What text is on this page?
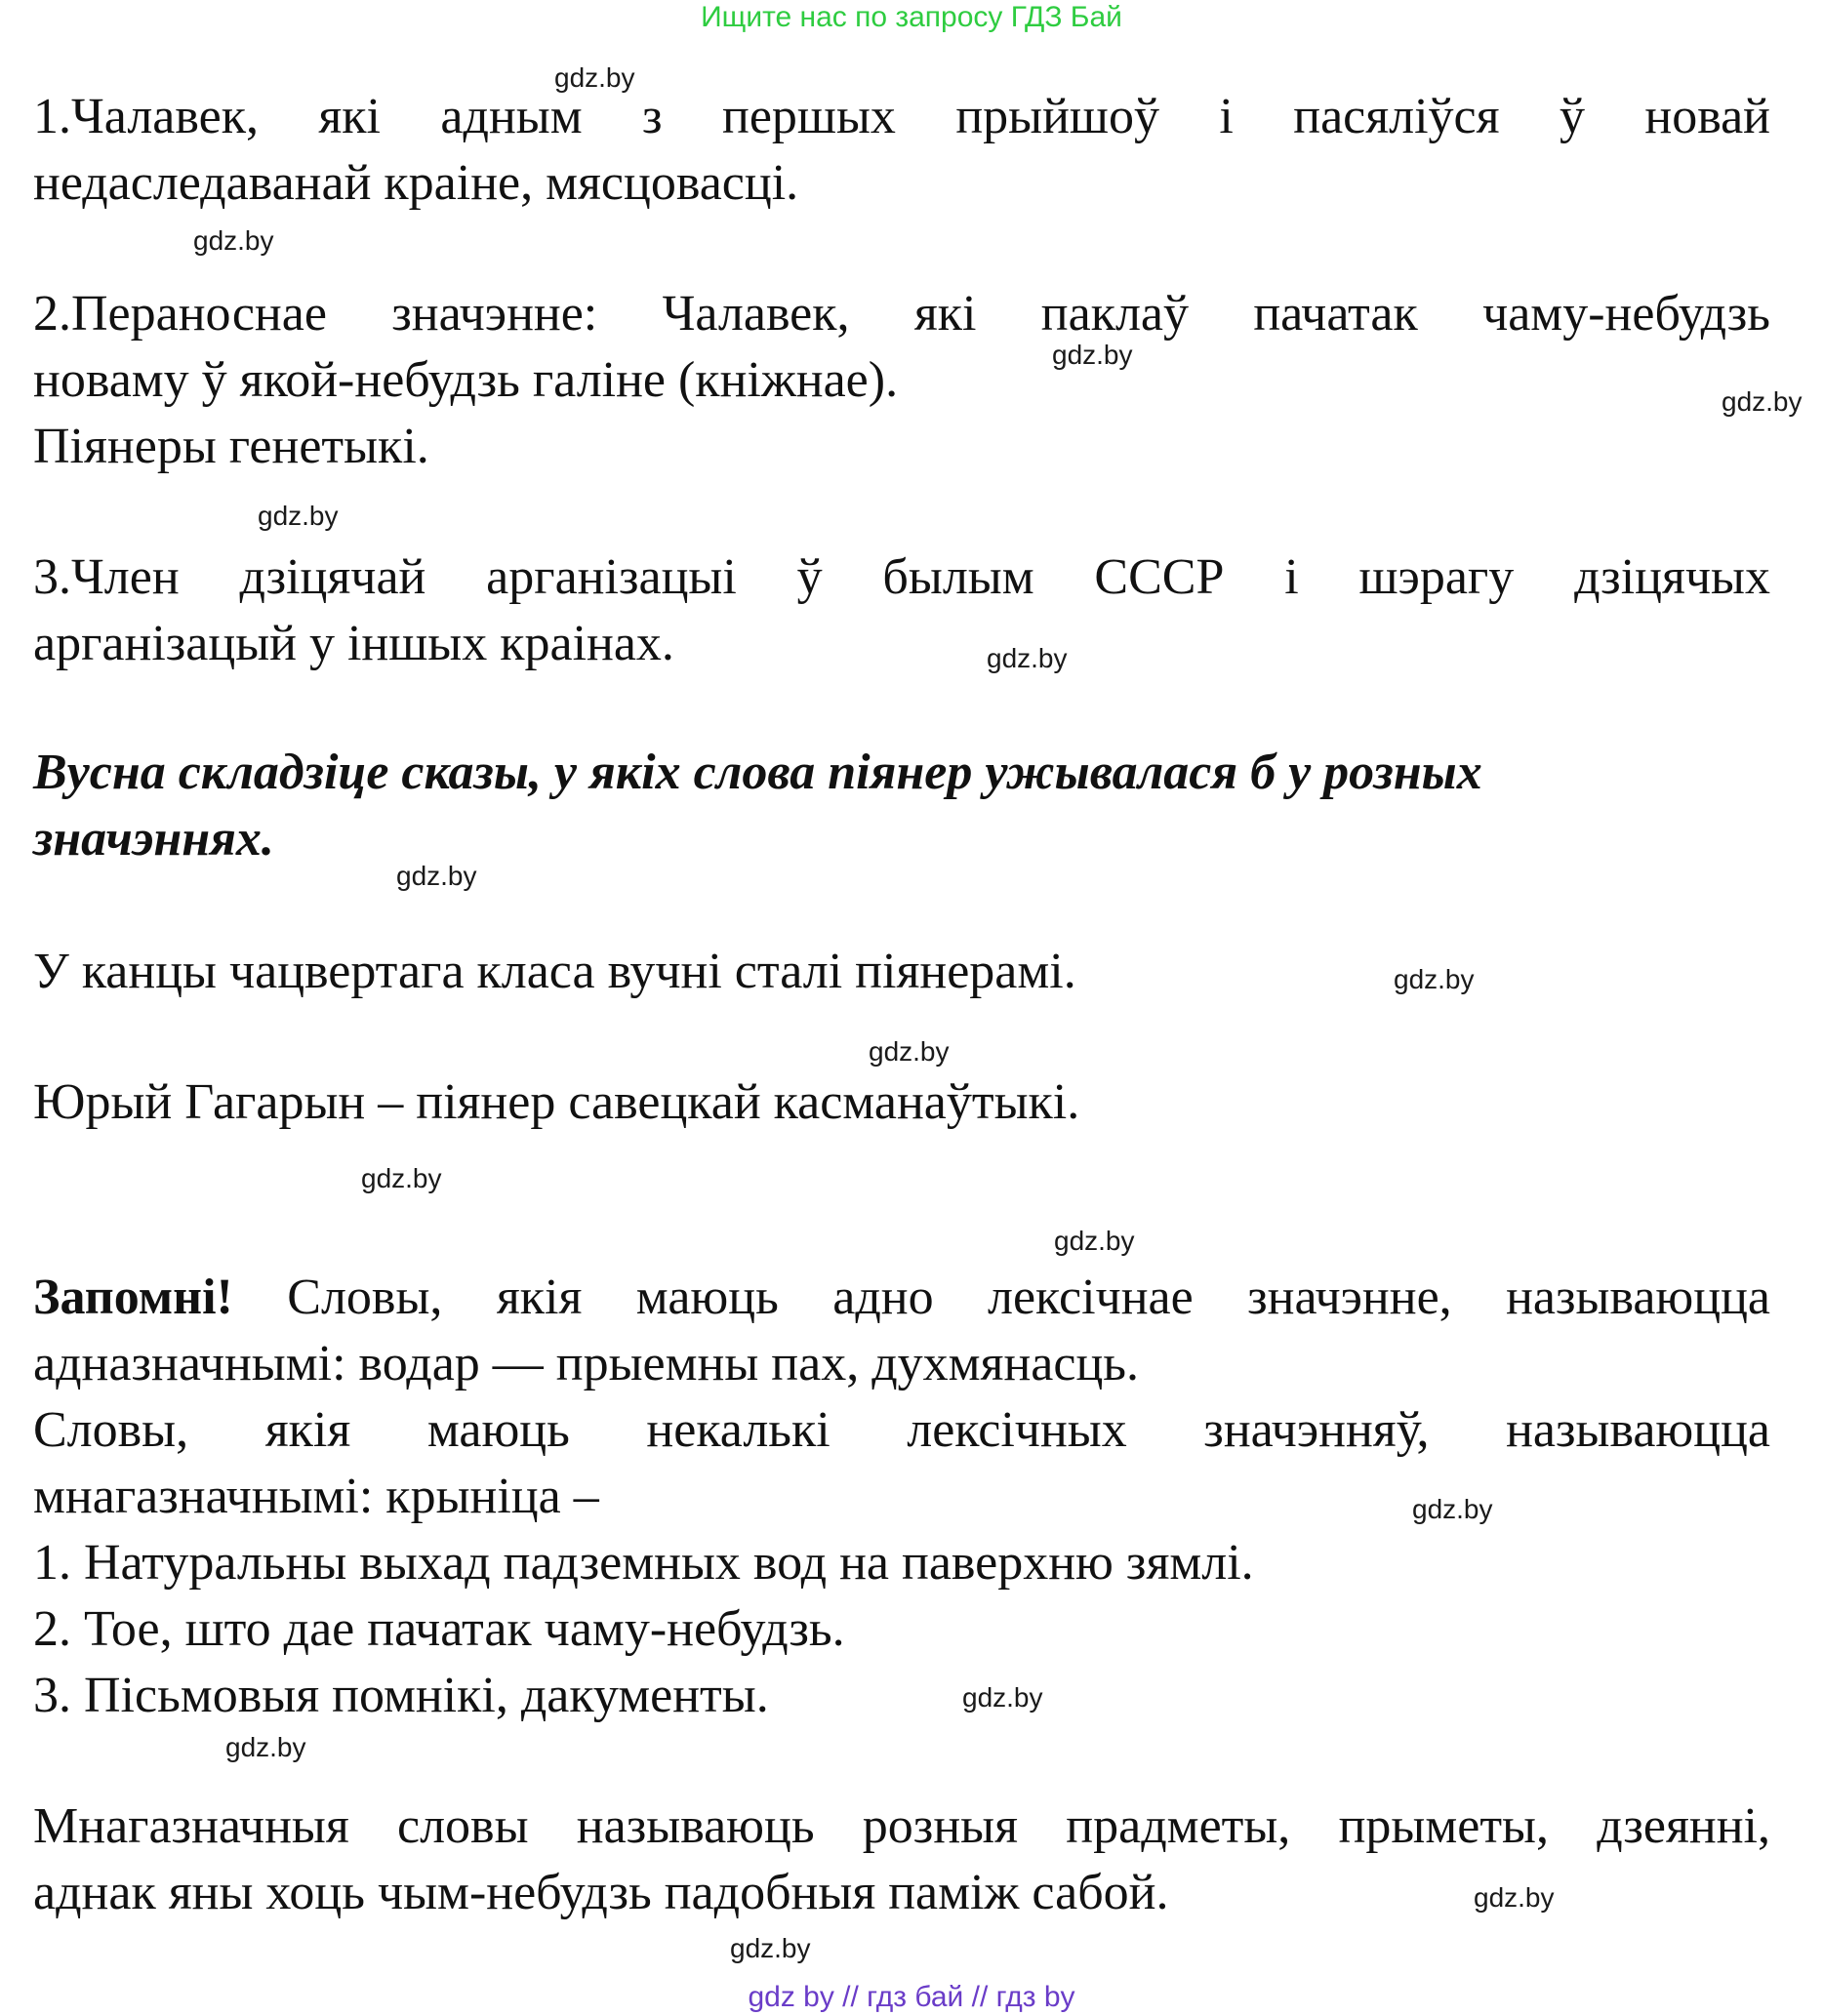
Ищите нас по запросу ГДЗ Бай
gdz.by
gdz.by
gdz.by
gdz.by
gdz.by
gdz.by
gdz.by
gdz.by
gdz.by
gdz.by
gdz.by
gdz.by
gdz.by
gdz.by
gdz.by
gdz.by
1.Чалавек, які адным з першых прыйшоў і пасяліўся ў новай
недаследаванай краіне, мясцовасці.
2.Пераноснае значэнне: Чалавек, які паклаў пачатак чаму-небудзь
новаму ў якой-небудзь галіне (кніжнае).
Піянеры генетыкі.
3.Член дзіцячай арганізацыі ў былым СССР і шэрагу дзіцячых
арганізацый у іншых краінах.
Вусна складзіце сказы, у якіх слова піянер ужывалася б у розных
значэннях.
У канцы чацвертага класа вучні сталі піянерамі.
Юрый Гагарын – піянер савецкай касманаўтыкі.
Запомні! Словы, якія маюць адно лексічнае значэнне, называюцца
адназначнымі: водар — прыемны пах, духмянасць.
Словы, якія маюць некалькі лексічных значэнняў, называюцца
мнагазначнымі: крыніца –
1. Натуральны выхад падземных вод на паверхню зямлі.
2. Тое, што дае пачатак чаму-небудзь.
3. Пісьмовыя помнікі, дакументы.
Мнагазначныя словы называюць розныя прадметы, прыметы, дзеянні,
аднак яны хоць чым-небудзь падобныя паміж сабой.
gdz by // гдз бай // гдз by
